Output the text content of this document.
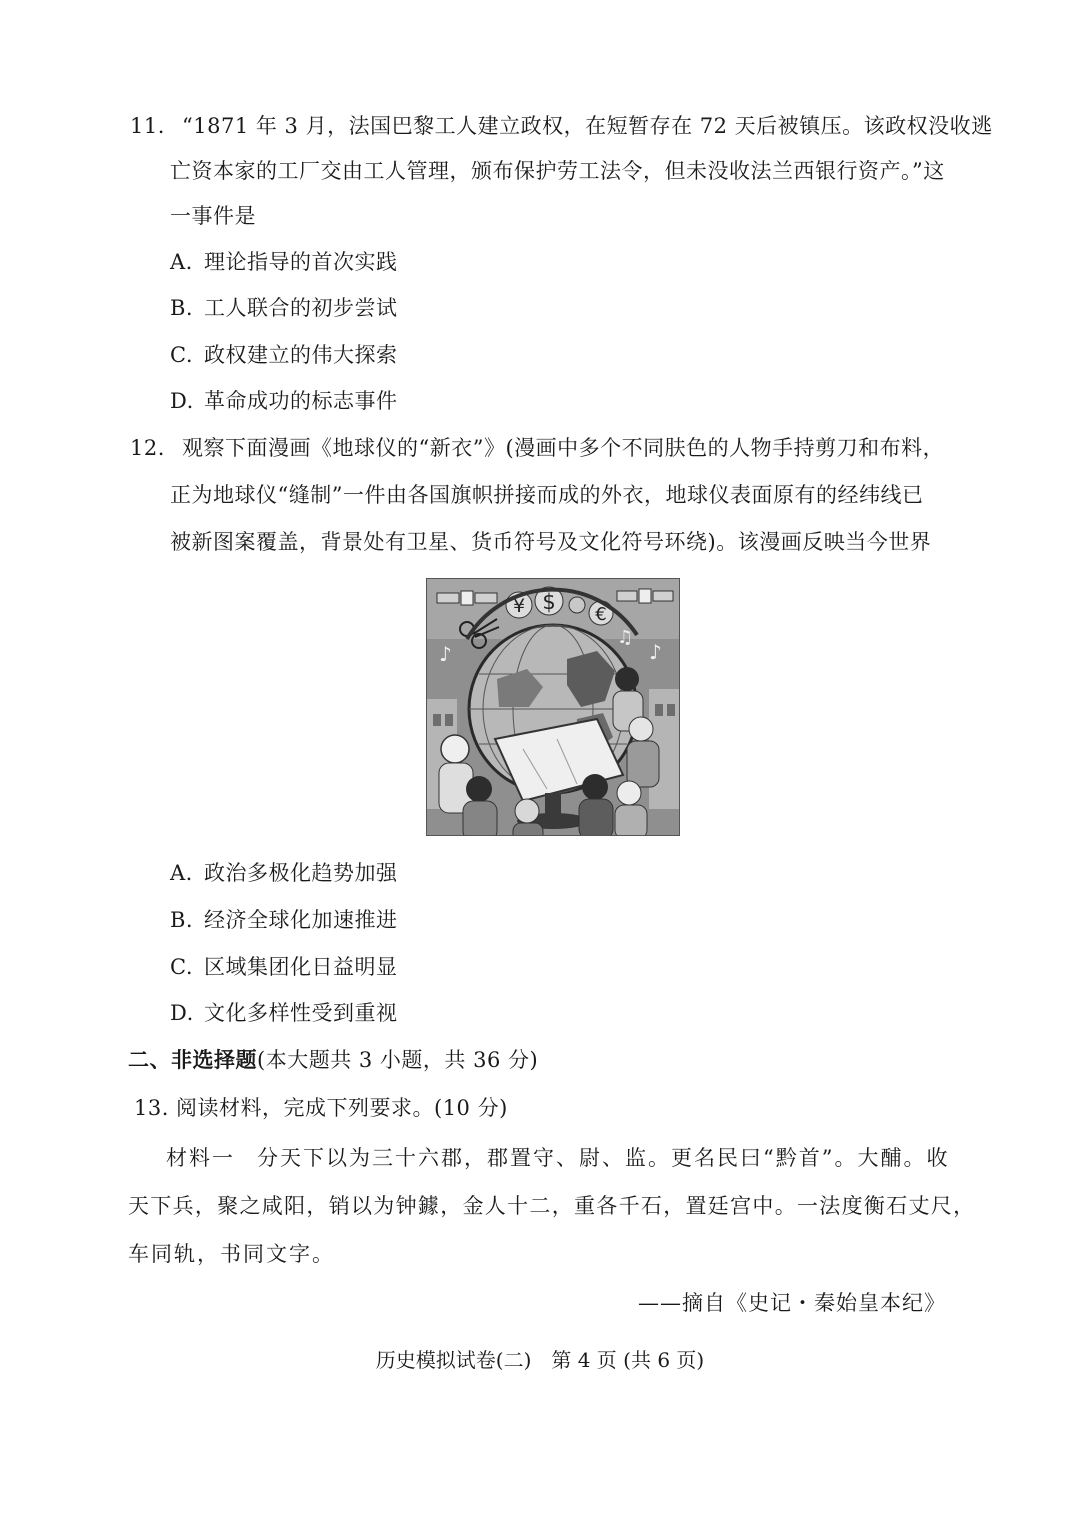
11. “1871 年 3 月，法国巴黎工人建立政权，在短暂存在 72 天后被镇压。该政权没收逃
亡资本家的工厂交由工人管理，颁布保护劳工法令，但未没收法兰西银行资产。”这
一事件是
A. 理论指导的首次实践
B. 工人联合的初步尝试
C. 政权建立的伟大探索
D. 革命成功的标志事件
12. 观察下面漫画《地球仪的“新衣”》(漫画中多个不同肤色的人物手持剪刀和布料，
正为地球仪“缝制”一件由各国旗帜拼接而成的外衣，地球仪表面原有的经纬线已
被新图案覆盖，背景处有卫星、货币符号及文化符号环绕)。该漫画反映当今世界
¥ $
€
♪
♫
♪
A. 政治多极化趋势加强
B. 经济全球化加速推进
C. 区域集团化日益明显
D. 文化多样性受到重视
二、非选择题(本大题共 3 小题，共 36 分)
13. 阅读材料，完成下列要求。(10 分)
材料一 分天下以为三十六郡，郡置守、尉、监。更名民曰“黔首”。大酺。收
天下兵，聚之咸阳，销以为钟鐻，金人十二，重各千石，置廷宫中。一法度衡石丈尺，
车同轨，书同文字。
——摘自《史记・秦始皇本纪》
历史模拟试卷(二)　第 4 页 (共 6 页)
